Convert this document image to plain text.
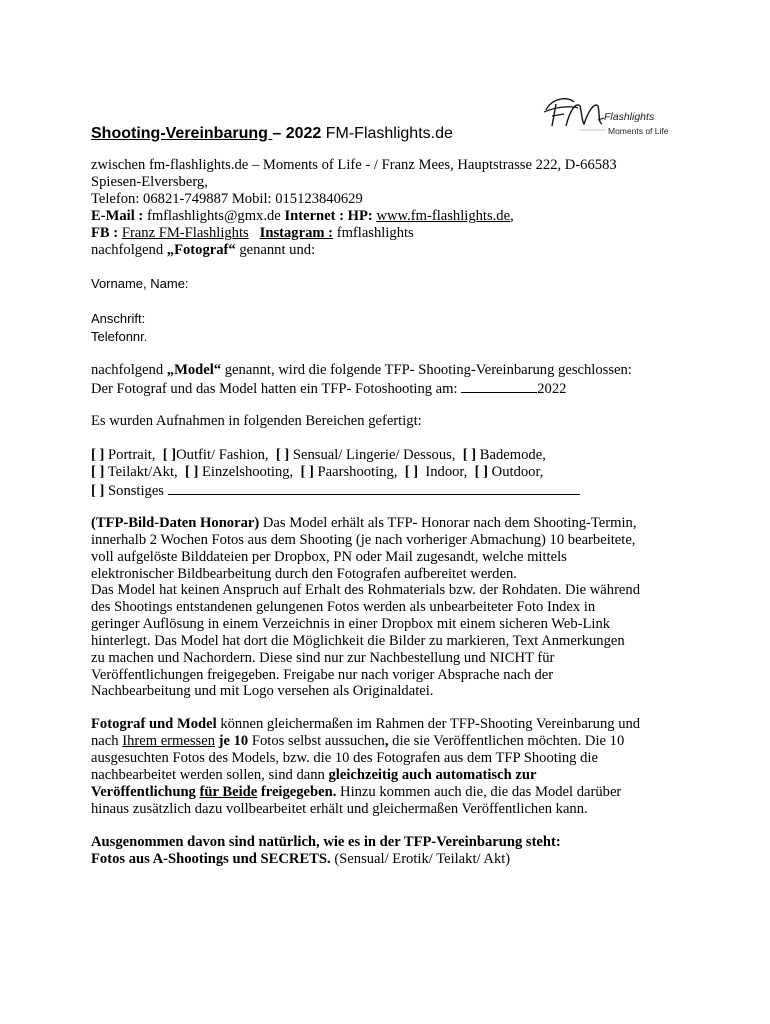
Flashlights
Moments of Life
Shooting-Vereinbarung – 2022 FM-Flashlights.de
zwischen fm-flashlights.de – Moments of Life - / Franz Mees, Hauptstrasse 222, D-66583
Spiesen-Elversberg,
Telefon: 06821-749887 Mobil: 015123840629
E-Mail : fmflashlights@gmx.de Internet : HP: www.fm-flashlights.de,
FB : Franz FM-Flashlights Instagram : fmflashlights
nachfolgend „Fotograf“ genannt und:
Vorname, Name:
Anschrift:
Telefonnr.
nachfolgend „Model“ genannt, wird die folgende TFP- Shooting-Vereinbarung geschlossen:
Der Fotograf und das Model hatten ein TFP- Fotoshooting am:	2022
Es wurden Aufnahmen in folgenden Bereichen gefertigt:
[ ] Portrait, [ ]Outfit/ Fashion, [ ] Sensual/ Lingerie/ Dessous, [ ] Bademode,
[ ] Teilakt/Akt, [ ] Einzelshooting, [ ] Paarshooting, [ ] Indoor, [ ] Outdoor,
[ ] Sonstiges
(TFP-Bild-Daten Honorar) Das Model erhält als TFP- Honorar nach dem Shooting-Termin,
innerhalb 2 Wochen Fotos aus dem Shooting (je nach vorheriger Abmachung) 10 bearbeitete,
voll aufgelöste Bilddateien per Dropbox, PN oder Mail zugesandt, welche mittels
elektronischer Bildbearbeitung durch den Fotografen aufbereitet werden.
Das Model hat keinen Anspruch auf Erhalt des Rohmaterials bzw. der Rohdaten. Die während
des Shootings entstandenen gelungenen Fotos werden als unbearbeiteter Foto Index in
geringer Auflösung in einem Verzeichnis in einer Dropbox mit einem sicheren Web-Link
hinterlegt. Das Model hat dort die Möglichkeit die Bilder zu markieren, Text Anmerkungen
zu machen und Nachordern. Diese sind nur zur Nachbestellung und NICHT für
Veröffentlichungen freigegeben. Freigabe nur nach voriger Absprache nach der
Nachbearbeitung und mit Logo versehen als Originaldatei.
Fotograf und Model können gleichermaßen im Rahmen der TFP-Shooting Vereinbarung und
nach Ihrem ermessen je 10 Fotos selbst aussuchen, die sie Veröffentlichen möchten. Die 10
ausgesuchten Fotos des Models, bzw. die 10 des Fotografen aus dem TFP Shooting die
nachbearbeitet werden sollen, sind dann gleichzeitig auch automatisch zur
Veröffentlichung für Beide freigegeben. Hinzu kommen auch die, die das Model darüber
hinaus zusätzlich dazu vollbearbeitet erhält und gleichermaßen Veröffentlichen kann.
Ausgenommen davon sind natürlich, wie es in der TFP-Vereinbarung steht:
Fotos aus A-Shootings und SECRETS. (Sensual/ Erotik/ Teilakt/ Akt)
